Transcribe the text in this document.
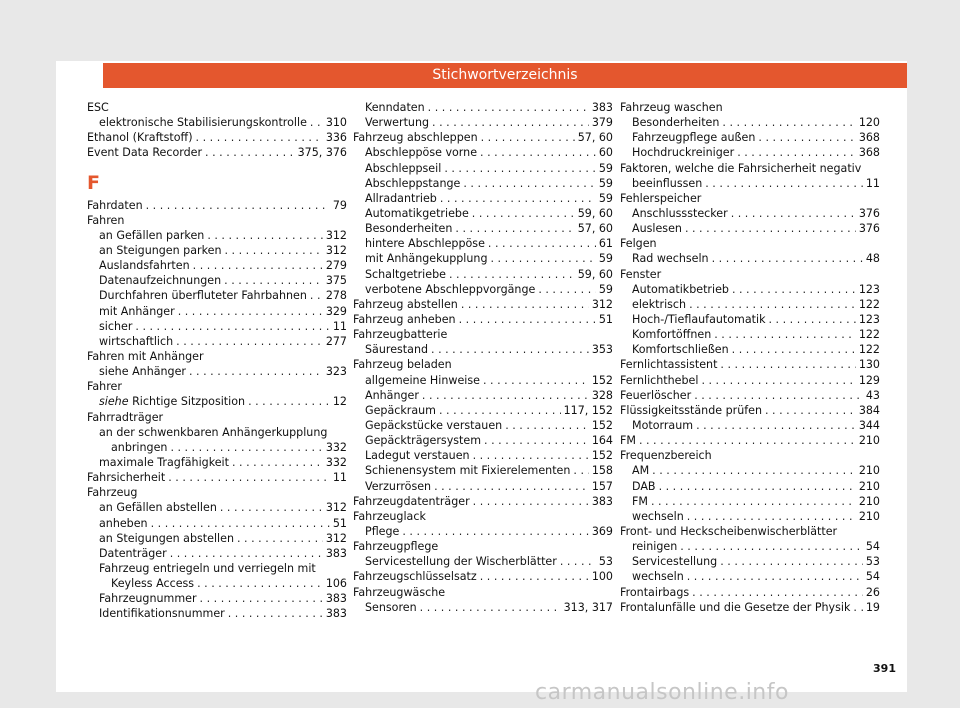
Stichwortverzeichnis
ESC
elektronische Stabilisierungskontrolle . . . 310
Ethanol (Kraftstoff) . . .	336
Event Data Recorder . . .	375, 376
F
Fahrdaten . . .	79
Fahren
an Gefällen parken . . .	312
an Steigungen parken . . .	312
Auslandsfahrten . . .	279
Datenaufzeichnungen . . .	375
Durchfahren überfluteter Fahrbahnen . . . 278
mit Anhänger . . .	329
sicher . . .	11
wirtschaftlich . . .	277
Fahren mit Anhänger
siehe Anhänger . . .	323
Fahrer
siehe Richtige Sitzposition . . .	12
Fahrradträger
an der schwenkbaren Anhängerkupplung
anbringen . . .	332
maximale Tragfähigkeit . . .	332
Fahrsicherheit . . .	11
Fahrzeug
an Gefällen abstellen . . .	312
anheben . . .	51
an Steigungen abstellen . . .	312
Datenträger . . .	383
Fahrzeug entriegeln und verriegeln mit
Keyless Access . . .	106
Fahrzeugnummer . . .	383
Identifikationsnummer . . .	383
Kenndaten . . .	383
Verwertung . . .	379
Fahrzeug abschleppen . . .	57, 60
Abschleppöse vorne . . .	60
Abschleppseil . . .	59
Abschleppstange . . .	59
Allradantrieb . . .	59
Automatikgetriebe . . .	59, 60
Besonderheiten . . .	57, 60
hintere Abschleppöse . . .	61
mit Anhängekupplung . . .	59
Schaltgetriebe . . .	59, 60
verbotene Abschleppvorgänge . . .	59
Fahrzeug abstellen . . .	312
Fahrzeug anheben . . .	51
Fahrzeugbatterie
Säurestand . . .	353
Fahrzeug beladen
allgemeine Hinweise . . .	152
Anhänger . . .	328
Gepäckraum . . .	117, 152
Gepäckstücke verstauen . . .	152
Gepäckträgersystem . . .	164
Ladegut verstauen . . .	152
Schienensystem mit Fixierelementen . . . 158
Verzurrösen . . .	157
Fahrzeugdatenträger . . .	383
Fahrzeuglack
Pflege . . .	369
Fahrzeugpflege
Servicestellung der Wischerblätter . . .	53
Fahrzeugschlüsselsatz . . .	100
Fahrzeugwäsche
Sensoren . . .	313, 317
Fahrzeug waschen
Besonderheiten . . .	120
Fahrzeugpflege außen . . .	368
Hochdruckreiniger . . .	368
Faktoren, welche die Fahrsicherheit negativ
beeinflussen . . .	11
Fehlerspeicher
Anschlussstecker . . .	376
Auslesen . . .	376
Felgen
Rad wechseln . . .	48
Fenster
Automatikbetrieb . . .	123
elektrisch . . .	122
Hoch-/Tieflaufautomatik . . .	123
Komfortöffnen . . .	122
Komfortschließen . . .	122
Fernlichtassistent . . .	130
Fernlichthebel . . .	129
Feuerlöscher . . .	43
Flüssigkeitsstände prüfen . . .	384
Motorraum . . .	344
FM . . .	210
Frequenzbereich
AM . . .	210
DAB . . .	210
FM . . .	210
wechseln . . .	210
Front- und Heckscheibenwischerblätter
reinigen . . .	54
Servicestellung . . .	53
wechseln . . .	54
Frontairbags . . .	26
Frontalunfälle und die Gesetze der Physik . . . 19
391
carmanualsonline.info
